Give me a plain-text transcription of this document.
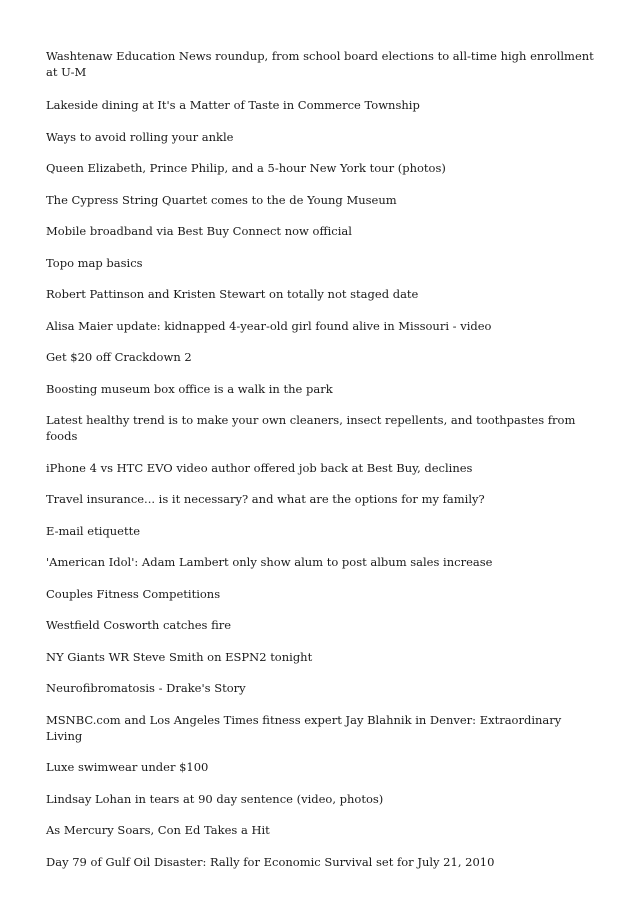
Washtenaw Education News roundup, from school board elections to all-time high enrollment at U-M
Lakeside dining at It's a Matter of Taste in Commerce Township
Ways to avoid rolling your ankle
Queen Elizabeth, Prince Philip, and a 5-hour New York tour (photos)
The Cypress String Quartet comes to the de Young Museum
Mobile broadband via Best Buy Connect now official
Topo map basics
Robert Pattinson and Kristen Stewart on totally not staged date
Alisa Maier update: kidnapped 4-year-old girl found alive in Missouri - video
Get $20 off Crackdown 2
Boosting museum box office is a walk in the park
Latest healthy trend is to make your own cleaners, insect repellents, and toothpastes from foods
iPhone 4 vs HTC EVO video author offered job back at Best Buy, declines
Travel insurance... is it necessary? and what are the options for my family?
E-mail etiquette
'American Idol': Adam Lambert only show alum to post album sales increase
Couples Fitness Competitions
Westfield Cosworth catches fire
NY Giants WR Steve Smith on ESPN2 tonight
Neurofibromatosis - Drake's Story
MSNBC.com and Los Angeles Times fitness expert Jay Blahnik in Denver: Extraordinary Living
Luxe swimwear under $100
Lindsay Lohan in tears at 90 day sentence (video, photos)
As Mercury Soars, Con Ed Takes a Hit
Day 79 of Gulf Oil Disaster: Rally for Economic Survival set for July 21, 2010
